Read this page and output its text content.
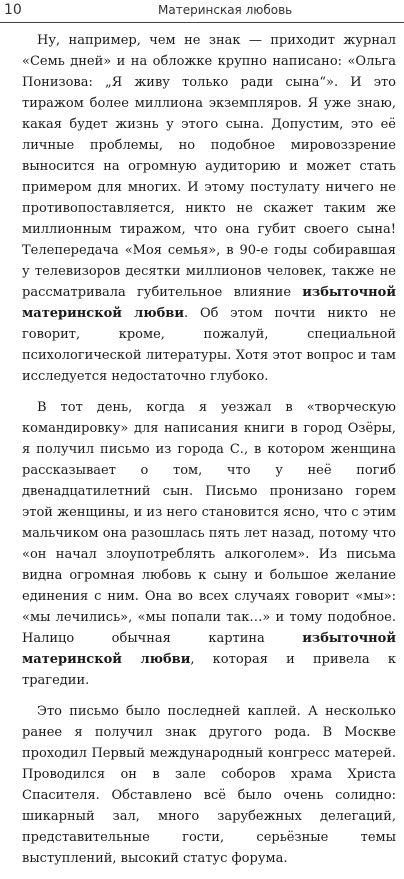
10	Материнская любовь

Ну, например, чем не знак — приходит журнал «Семь дней» и на обложке крупно написано: «Ольга Понизова: „Я живу только ради сына“». И это тиражом более миллиона экземпляров. Я уже знаю, какая будет жизнь у этого сына. Допустим, это её личные проблемы, но подобное мировоззрение выносится на огромную аудиторию и может стать примером для многих. И этому постулату ничего не противопоставляется, никто не скажет таким же миллионным тиражом, что она губит своего сына! Телепередача «Моя семья», в 90-е годы собиравшая у телевизоров десятки миллионов человек, также не рассматривала губительное влияние избыточной материнской любви. Об этом почти никто не говорит, кроме, пожалуй, специальной психологической литературы. Хотя этот вопрос и там исследуется недостаточно глубоко.

В тот день, когда я уезжал в «творческую командировку» для написания книги в город Озёры, я получил письмо из города С., в котором женщина рассказывает о том, что у неё погиб двенадцатилетний сын. Письмо пронизано горем этой женщины, и из него становится ясно, что с этим мальчиком она разошлась пять лет назад, потому что «он начал злоупотреблять алкоголем». Из письма видна огромная любовь к сыну и большое желание единения с ним. Она во всех случаях говорит «мы»: «мы лечились», «мы попали так…» и тому подобное. Налицо обычная картина избыточной материнской любви, которая и привела к трагедии.

Это письмо было последней каплей. А несколько ранее я получил знак другого рода. В Москве проходил Первый международный конгресс матерей. Проводился он в зале соборов храма Христа Спасителя. Обставлено всё было очень солидно: шикарный зал, много зарубежных делегаций, представительные гости, серьёзные темы выступлений, высокий статус форума.
